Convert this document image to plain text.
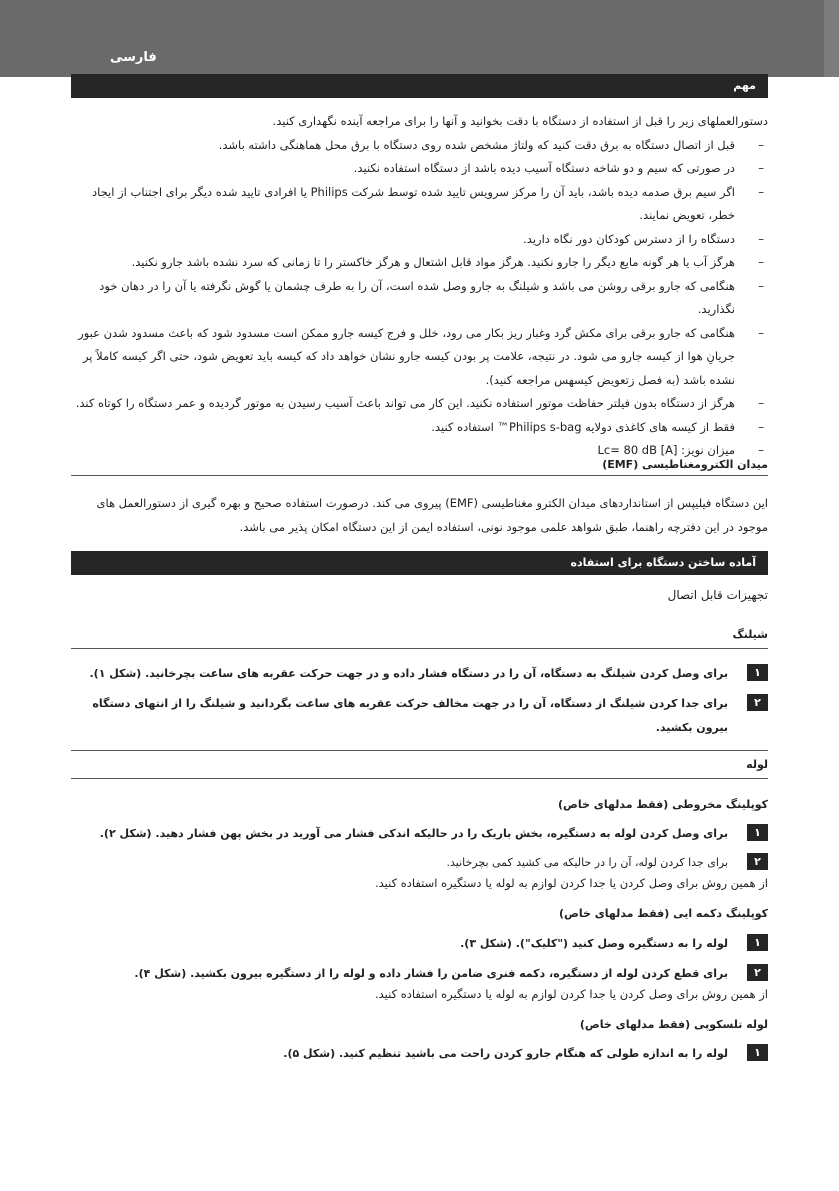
فارسی
مهم
دستورالعملهای زیر را قبل از استفاده از دستگاه با دقت بخوانید و آنها را برای مراجعه آینده نگهداری کنید.
–
قبل از اتصال دستگاه به برق دقت کنید که ولتاژ مشخص شده روی دستگاه با برق محل هماهنگی داشته باشد.
–
در صورتی که سیم و دو شاخه دستگاه آسیب دیده باشد از دستگاه استفاده نکنید.
–
اگر سیم برق صدمه دیده باشد، باید آن را مرکز سرویس تایید شده توسط شرکت Philips یا افرادی تایید شده دیگر برای اجتناب از ایجاد خطر، تعویض نمایند.
–
دستگاه را از دسترس کودکان دور نگاه دارید.
–
هرگز آب یا هر گونه مایع دیگر را جارو نکنید. هرگز مواد قابل اشتعال و هرگز خاکستر را تا زمانی که سرد نشده باشد جارو نکنید.
–
هنگامی که جارو برقی روشن می باشد و شیلنگ به جارو وصل شده است، آن را به طرف چشمان یا گوش نگرفته یا آن را در دهان خود نگذارید.
–
هنگامی که جارو برقی برای مکش گرد وغبار ریز بکار می رود، خلل و فرج کیسه جارو ممکن است مسدود شود که باعث مسدود شدن عبور جریانِ هوا از کیسه جارو می شود. در نتیجه، علامت پر بودن کیسه جارو نشان خواهد داد که کیسه باید تعویض شود، حتی اگر کیسه کاملاً پر نشده باشد (به فصل زتعویض کیسهس مراجعه کنید).
–
هرگز از دستگاه بدون فیلتر حفاظت موتور استفاده نکنید. این کار می تواند باعث آسیب رسیدن به موتور گردیده و عمر دستگاه را کوتاه کند.
–
فقط از کیسه های کاغذی دولایه Philips s-bag™ استفاده کنید.
–
میزان نویز: Lc= 80 dB [A]
میدان الکترومغناطیسی (EMF)
این دستگاه فیلیپس از استانداردهای میدان الکترو مغناطیسی (EMF) پیروی می کند. درصورت استفاده صحیح و بهره گیری از دستورالعمل های موجود در این دفترچه راهنما، طبق شواهد علمی موجود نونی، استفاده ایمن از این دستگاه امکان پذیر می باشد.
آماده ساختن دستگاه برای استفاده
تجهیزات قابل اتصال
شیلنگ
۱
برای وصل کردن شیلنگ به دستگاه، آن را در دستگاه فشار داده و در جهت حرکت عقربه های ساعت بچرخانید. (شکل ۱).
۲
برای جدا کردن شیلنگ از دستگاه، آن را در جهت مخالف حرکت عقربه های ساعت بگردانید و شیلنگ را از انتهای دستگاه بیرون بکشید.
لوله
کوپلینگ مخروطی (فقط مدلهای خاص)
۱
برای وصل کردن لوله به دستگیره، بخش باریک را در حالیکه اندکی فشار می آورید در بخش پهن فشار دهید. (شکل ۲).
۲
برای جدا کردن لوله، آن را در حالیکه می کشید کمی بچرخانید.
از همین روش برای وصل کردن یا جدا کردن لوازم به لوله یا دستگیره استفاده کنید.
کوپلینگ دکمه ایی (فقط مدلهای خاص)
۱
لوله را به دستگیره وصل کنید ("کلیک"). (شکل ۳).
۲
برای قطع کردن لوله از دستگیره، دکمه فنری ضامن را فشار داده و لوله را از دستگیره بیرون بکشید. (شکل ۴).
از همین روش برای وصل کردن یا جدا کردن لوازم به لوله یا دستگیره استفاده کنید.
لوله تلسکوپی (فقط مدلهای خاص)
۱
لوله را به اندازه طولی که هنگام جارو کردن راحت می باشید تنظیم کنید. (شکل ۵).
